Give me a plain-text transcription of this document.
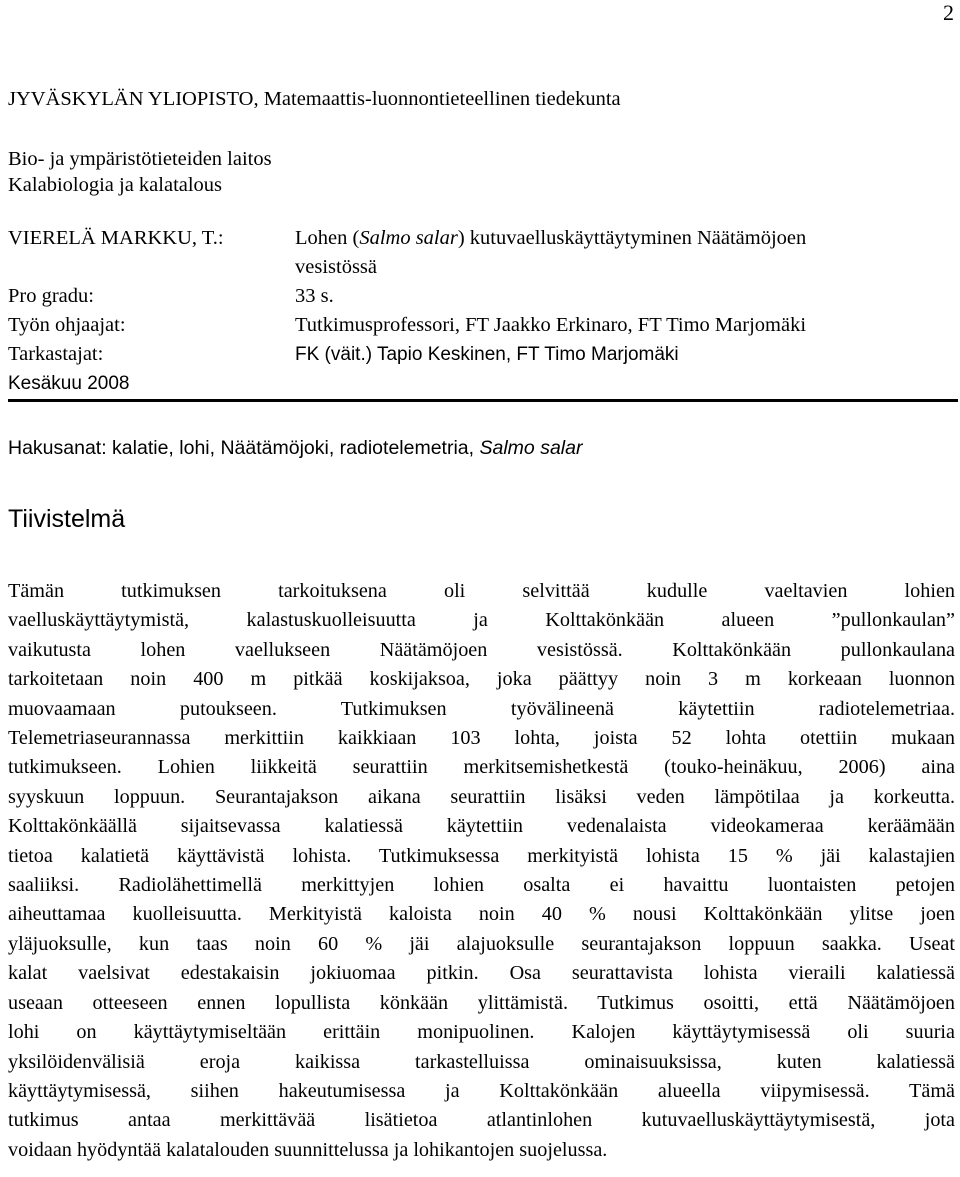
2
JYVÄSKYLÄN YLIOPISTO, Matemaattis-luonnontieteellinen tiedekunta
Bio- ja ympäristötieteiden laitos
Kalabiologia ja kalatalous
VIERELÄ MARKKU, T.:	Lohen (Salmo salar) kutuvaelluskäyttäytyminen Näätämöjoen
	vesistössä
Pro gradu:	33 s.
Työn ohjaajat:	Tutkimusprofessori, FT Jaakko Erkinaro, FT Timo Marjomäki
Tarkastajat:	FK (väit.) Tapio Keskinen, FT Timo Marjomäki
Kesäkuu 2008	
Hakusanat: kalatie, lohi, Näätämöjoki, radiotelemetria, Salmo salar
Tiivistelmä
Tämän tutkimuksen tarkoituksena oli selvittää kudulle vaeltavien lohien
vaelluskäyttäytymistä, kalastuskuolleisuutta ja Kolttakönkään alueen ”pullonkaulan”
vaikutusta lohen vaellukseen Näätämöjoen vesistössä. Kolttakönkään pullonkaulana
tarkoitetaan noin 400 m pitkää koskijaksoa, joka päättyy noin 3 m korkeaan luonnon
muovaamaan putoukseen. Tutkimuksen työvälineenä käytettiin radiotelemetriaa.
Telemetriaseurannassa merkittiin kaikkiaan 103 lohta, joista 52 lohta otettiin mukaan
tutkimukseen. Lohien liikkeitä seurattiin merkitsemishetkestä (touko-heinäkuu, 2006) aina
syyskuun loppuun. Seurantajakson aikana seurattiin lisäksi veden lämpötilaa ja korkeutta.
Kolttakönkäällä sijaitsevassa kalatiessä käytettiin vedenalaista videokameraa keräämään
tietoa kalatietä käyttävistä lohista. Tutkimuksessa merkityistä lohista 15 % jäi kalastajien
saaliiksi. Radiolähettimellä merkittyjen lohien osalta ei havaittu luontaisten petojen
aiheuttamaa kuolleisuutta. Merkityistä kaloista noin 40 % nousi Kolttakönkään ylitse joen
yläjuoksulle, kun taas noin 60 % jäi alajuoksulle seurantajakson loppuun saakka. Useat
kalat vaelsivat edestakaisin jokiuomaa pitkin. Osa seurattavista lohista vieraili kalatiessä
useaan otteeseen ennen lopullista könkään ylittämistä. Tutkimus osoitti, että Näätämöjoen
lohi on käyttäytymiseltään erittäin monipuolinen. Kalojen käyttäytymisessä oli suuria
yksilöidenvälisiä eroja kaikissa tarkastelluissa ominaisuuksissa, kuten kalatiessä
käyttäytymisessä, siihen hakeutumisessa ja Kolttakönkään alueella viipymisessä. Tämä
tutkimus antaa merkittävää lisätietoa atlantinlohen kutuvaelluskäyttäytymisestä, jota
voidaan hyödyntää kalatalouden suunnittelussa ja lohikantojen suojelussa.
